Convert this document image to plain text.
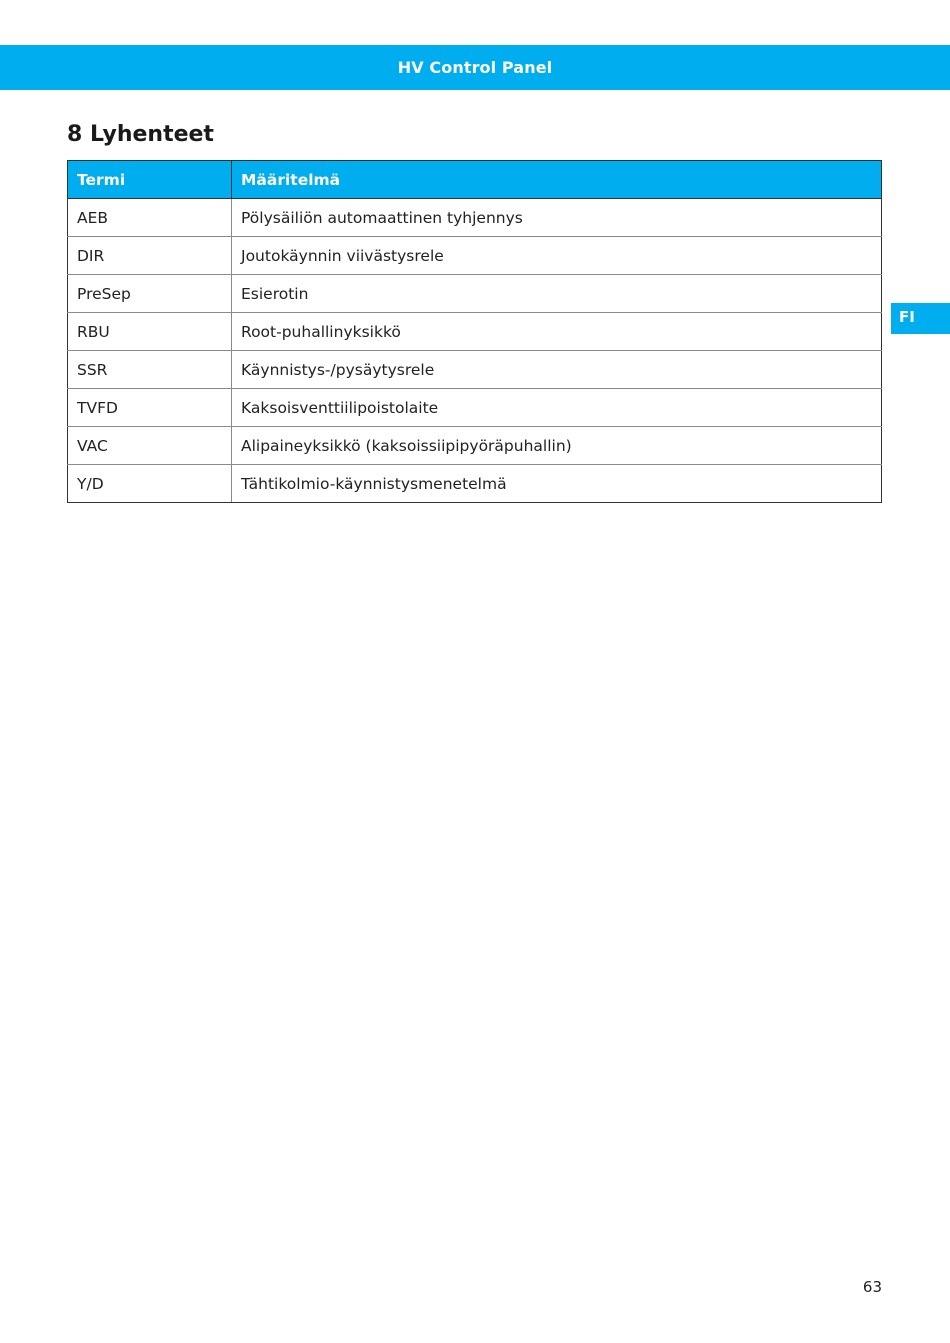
HV Control Panel
8 Lyhenteet
Termi	Määritelmä
AEB	Pölysäiliön automaattinen tyhjennys
DIR	Joutokäynnin viivästysrele
PreSep	Esierotin
RBU	Root-puhallinyksikkö
SSR	Käynnistys-/pysäytysrele
TVFD	Kaksoisventtiilipoistolaite
VAC	Alipaineyksikkö (kaksoissiipipyöräpuhallin)
Y/D	Tähtikolmio-käynnistysmenetelmä
FI
63
